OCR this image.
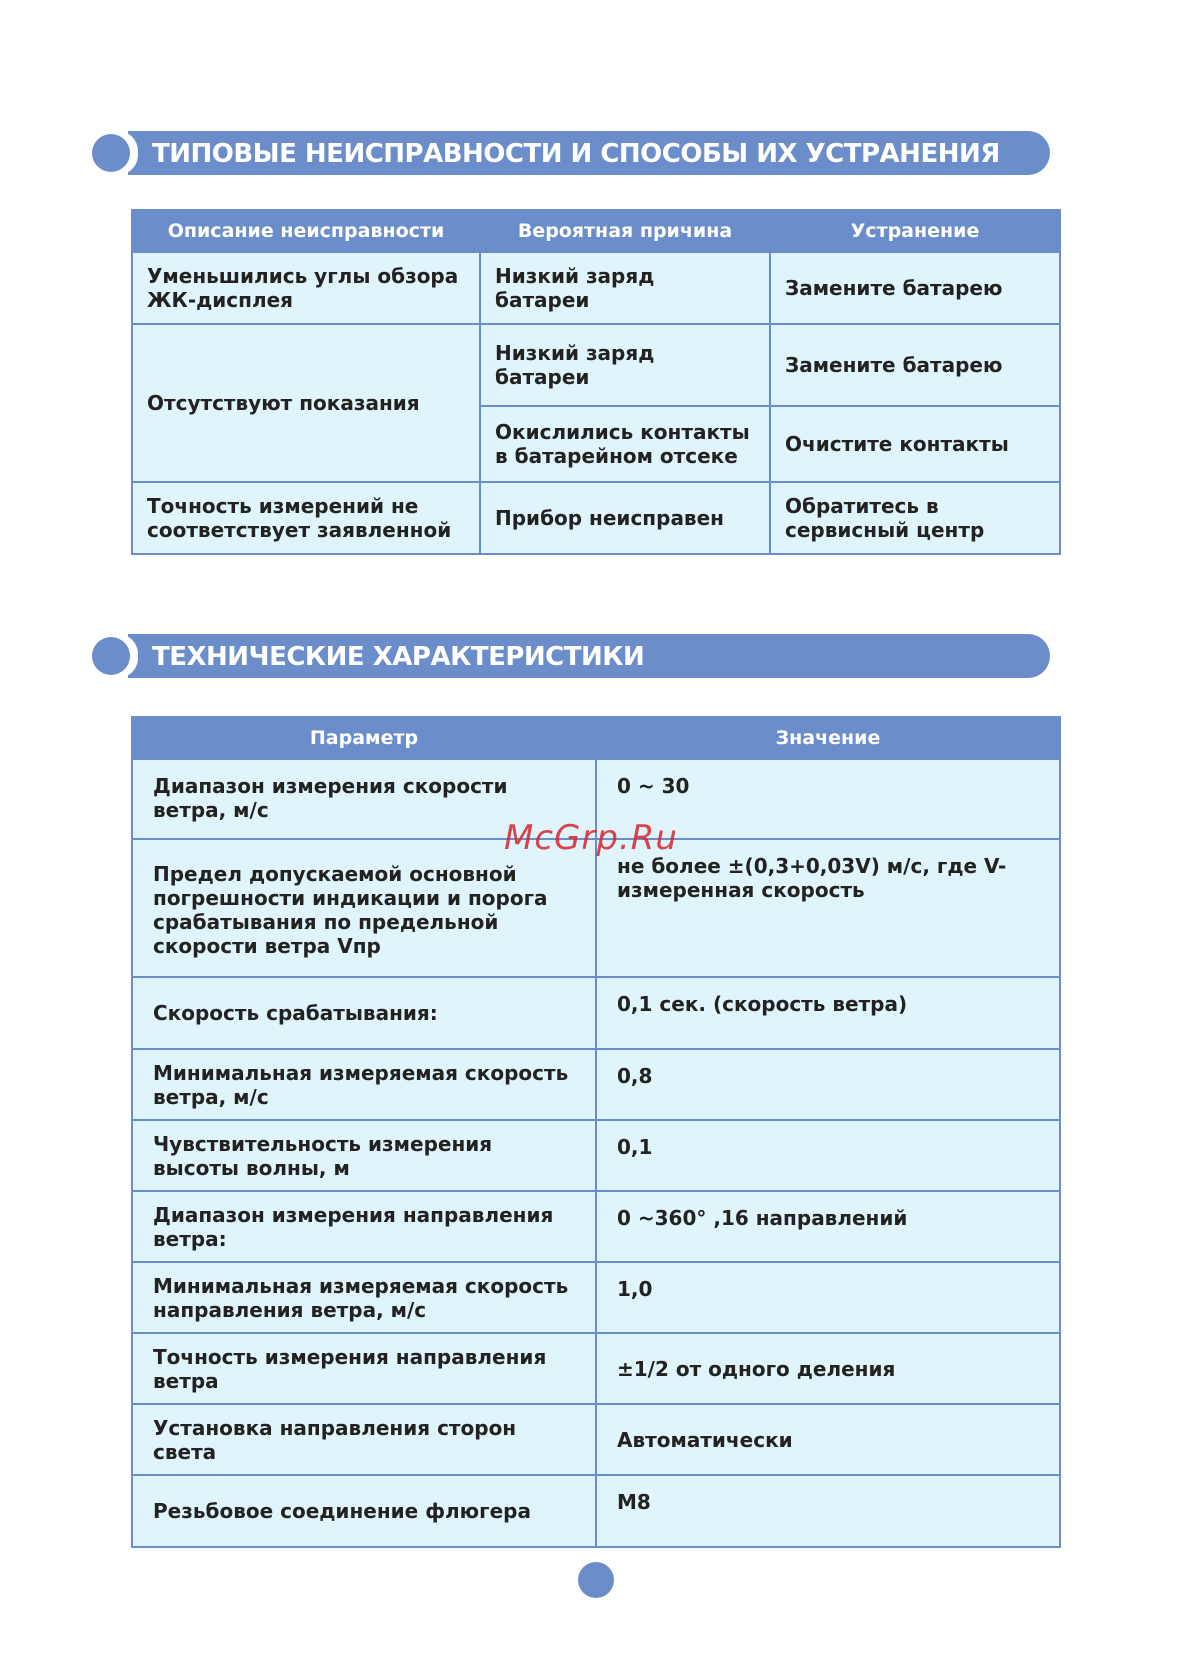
ТИПОВЫЕ НЕИСПРАВНОСТИ И СПОСОБЫ ИХ УСТРАНЕНИЯ
Описание неисправности	Вероятная причина	Устранение
Уменьшились углы обзора ЖК-дисплея	Низкий заряд батареи	Замените батарею
Отсутствуют показания	Низкий заряд батареи	Замените батарею
	Окислились контакты в батарейном отсеке	Очистите контакты
Точность измерений не соответствует заявленной	Прибор неисправен	Обратитесь в сервисный центр
ТЕХНИЧЕСКИЕ ХАРАКТЕРИСТИКИ
Параметр	Значение
Диапазон измерения скорости ветра, м/с	0 ~ 30
Предел допускаемой основной погрешности индикации и порога срабатывания по предельной скорости ветра Vпр	не более ±(0,3+0,03V) м/с, где V- измеренная скорость
Скорость срабатывания:	0,1 сек. (скорость ветра)
Минимальная измеряемая скорость ветра, м/с	0,8
Чувствительность измерения высоты волны, м	0,1
Диапазон измерения направления ветра:	0 ~360° ,16 направлений
Минимальная измеряемая скорость направления ветра, м/с	1,0
Точность измерения направления ветра	±1/2 от одного деления
Установка направления сторон света	Автоматически
Резьбовое соединение флюгера	М8
McGrp.Ru
